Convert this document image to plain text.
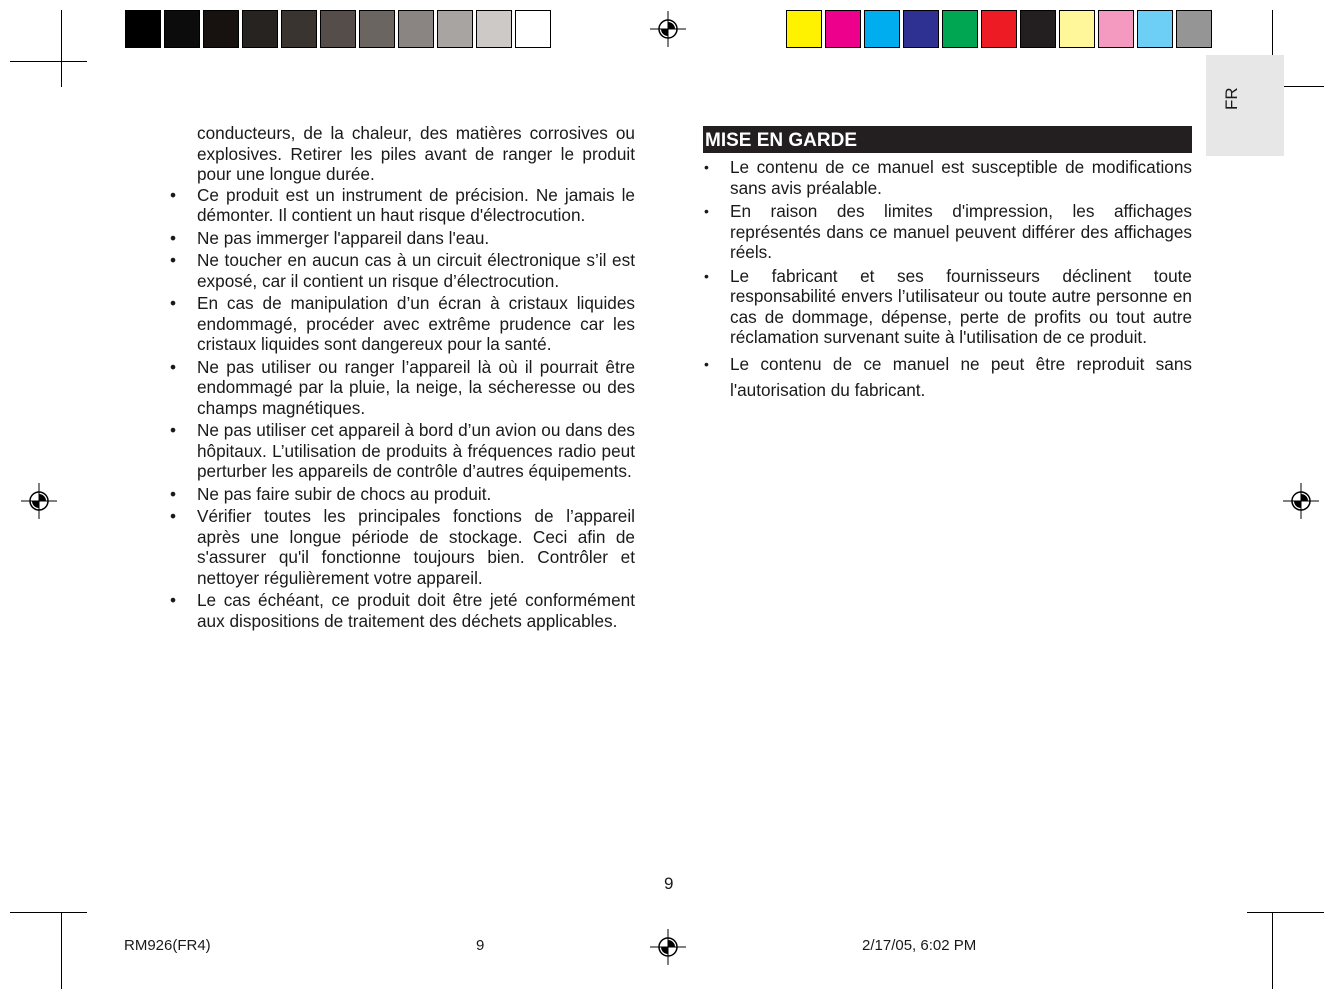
FR
conducteurs, de la chaleur, des matières corrosives ou explosives. Retirer les piles avant de ranger le produit pour une longue durée.
• Ce produit est un instrument de précision. Ne jamais le démonter. Il contient un haut risque d'électrocution.
• Ne pas immerger l'appareil dans l'eau.
• Ne toucher en aucun cas à un circuit électronique s’il est exposé, car il contient un risque d’électrocution.
• En cas de manipulation d’un écran à cristaux liquides endommagé, procéder avec extrême prudence car les cristaux liquides sont dangereux pour la santé.
• Ne pas utiliser ou ranger l’appareil là où il pourrait être endommagé par la pluie, la neige, la sécheresse ou des champs magnétiques.
• Ne pas utiliser cet appareil à bord d’un avion ou dans des hôpitaux. L’utilisation de produits à fréquences radio peut perturber les appareils de contrôle d’autres équipements.
• Ne pas faire subir de chocs au produit.
• Vérifier toutes les principales fonctions de l’appareil après une longue période de stockage. Ceci afin de s'assurer qu'il fonctionne toujours bien. Contrôler et nettoyer régulièrement votre appareil.
• Le cas échéant, ce produit doit être jeté conformément aux dispositions de traitement des déchets applicables.
MISE EN GARDE
• Le contenu de ce manuel est susceptible de modifications sans avis préalable.
• En raison des limites d'impression, les affichages représentés dans ce manuel peuvent différer des affichages réels.
• Le fabricant et ses fournisseurs déclinent toute responsabilité envers l’utilisateur ou toute autre personne en cas de dommage, dépense, perte de profits ou tout autre réclamation survenant suite à l'utilisation de ce produit.
• Le contenu de ce manuel ne peut être reproduit sans l'autorisation du fabricant.
9
RM926(FR4)	9	2/17/05, 6:02 PM
